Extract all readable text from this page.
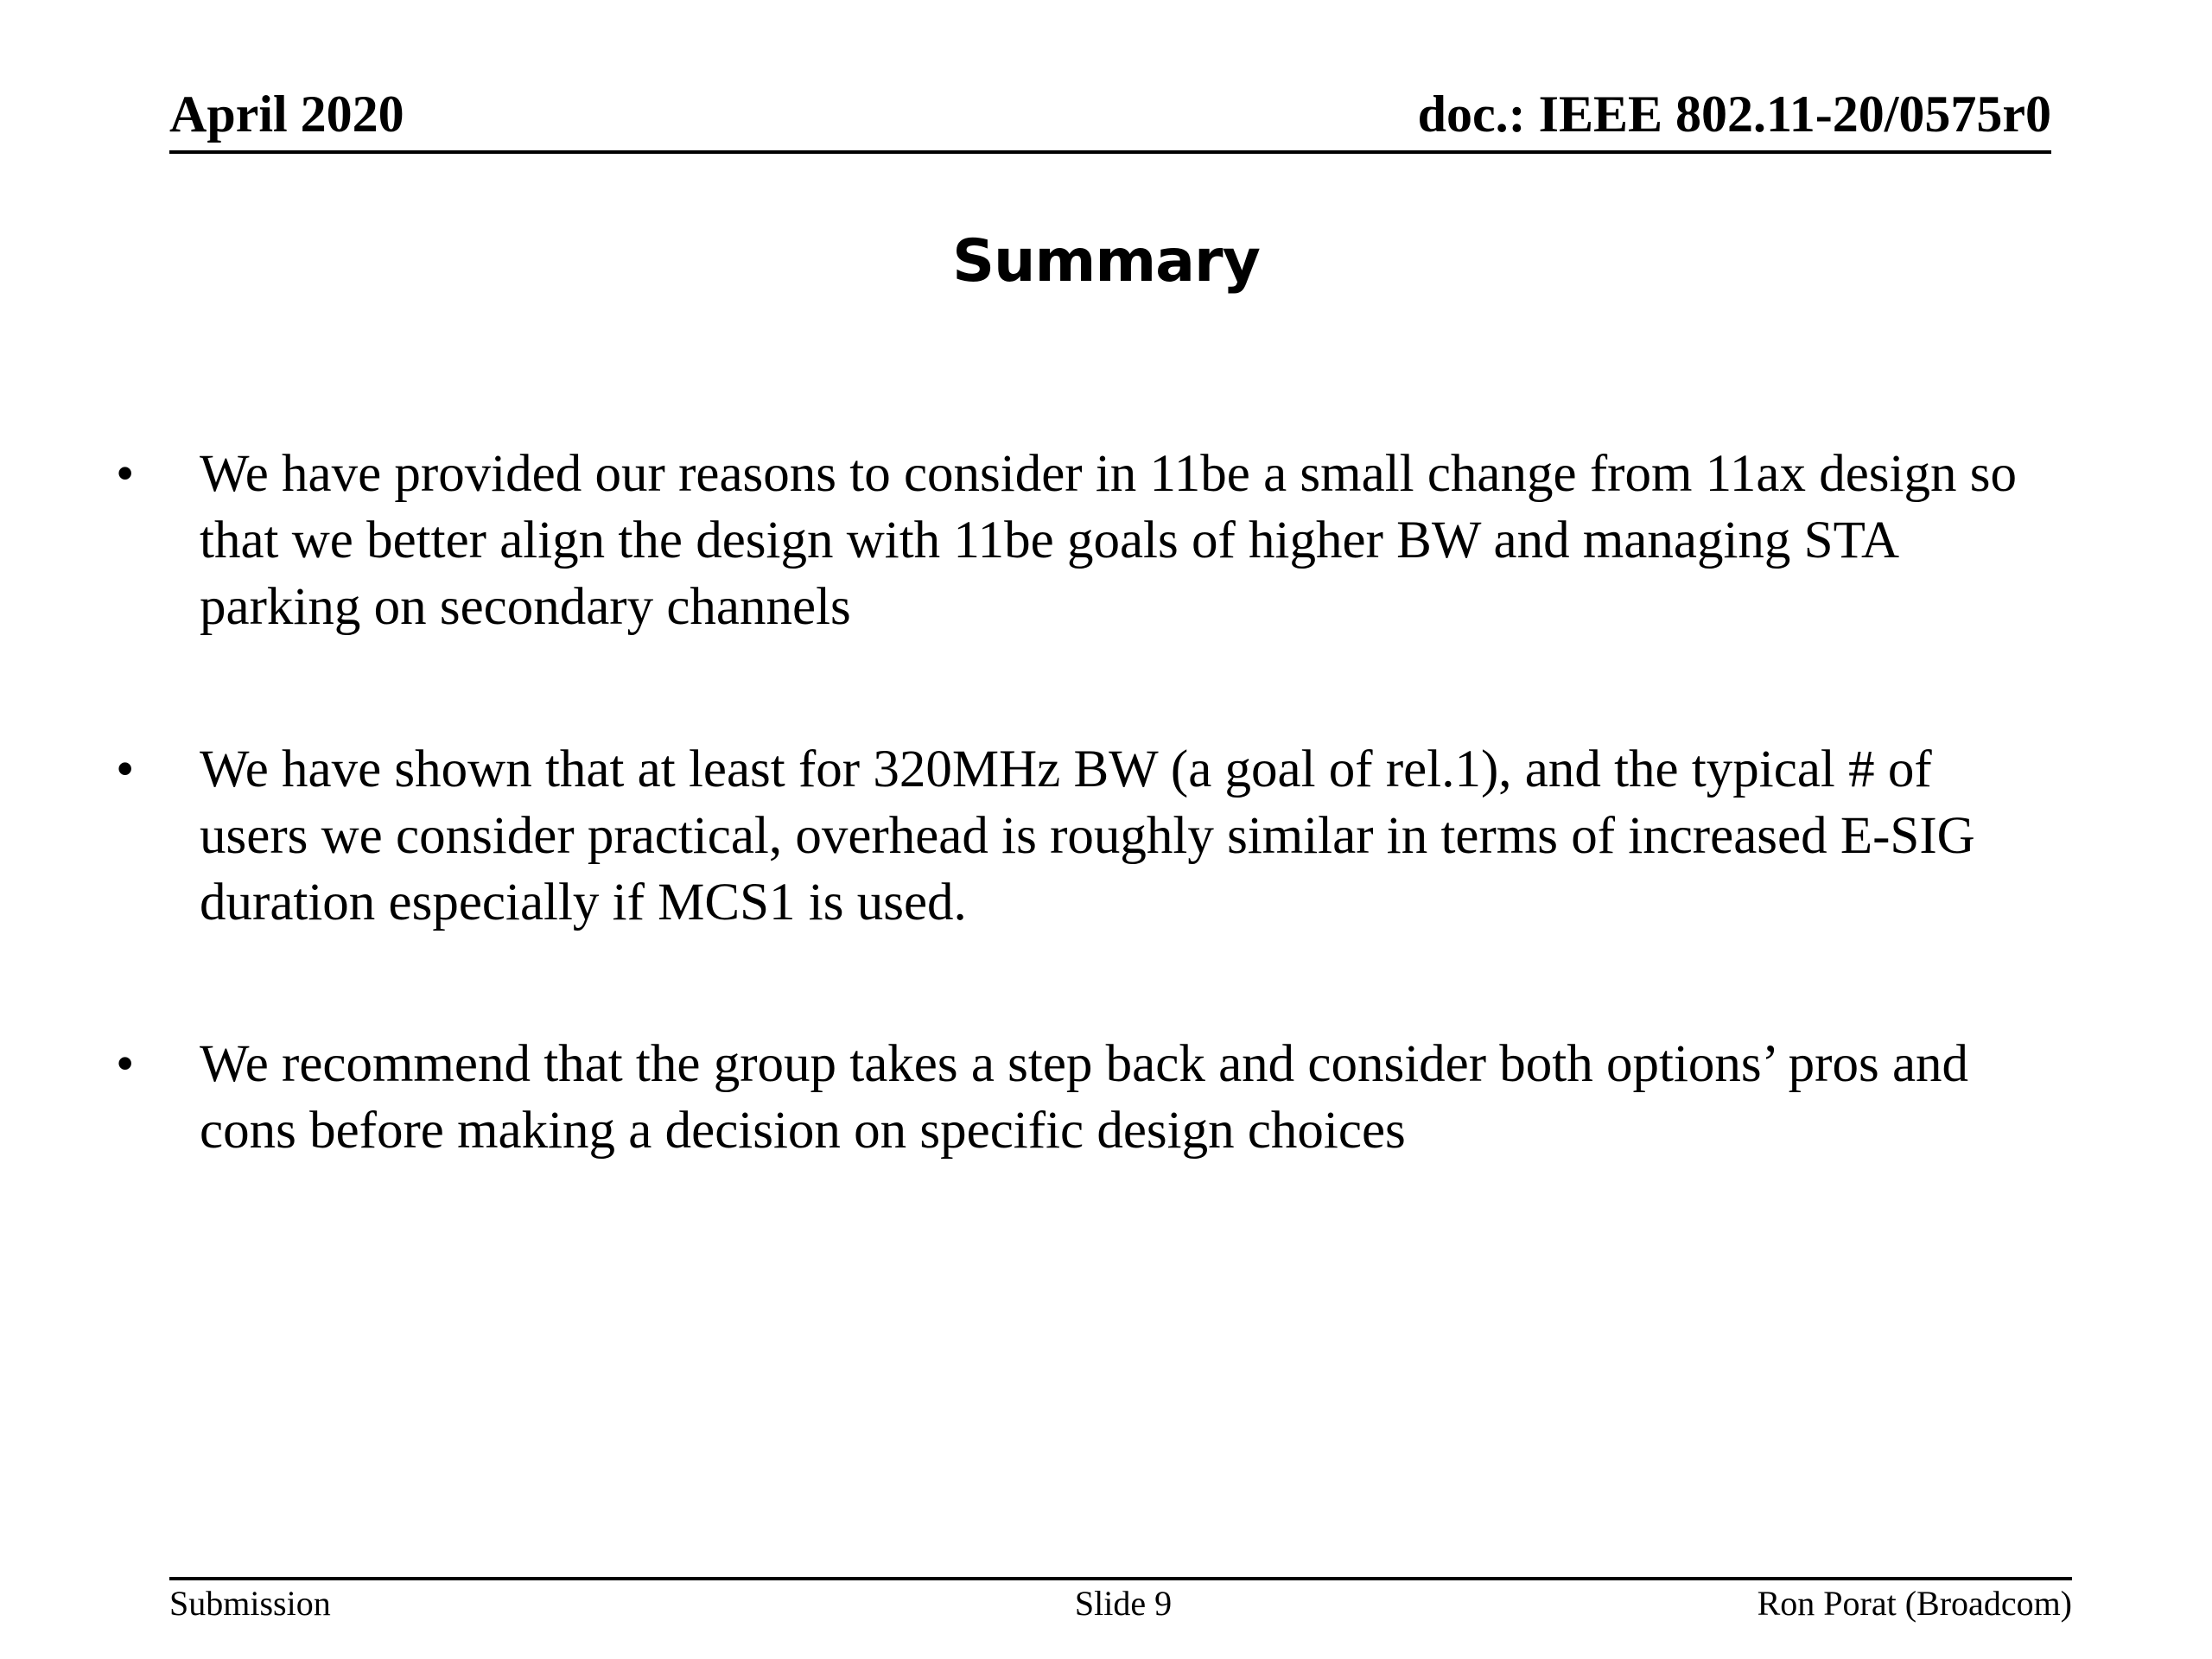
April 2020	doc.: IEEE 802.11-20/0575r0
Summary
• We have provided our reasons to consider in 11be a small change from 11ax design so
that we better align the design with 11be goals of higher BW and managing STA
parking on secondary channels
• We have shown that at least for 320MHz BW (a goal of rel.1), and the typical # of
users we consider practical, overhead is roughly similar in terms of increased E-SIG
duration especially if MCS1 is used.
• We recommend that the group takes a step back and consider both options’ pros and
cons before making a decision on specific design choices
Submission	Slide 9	Ron Porat (Broadcom)
